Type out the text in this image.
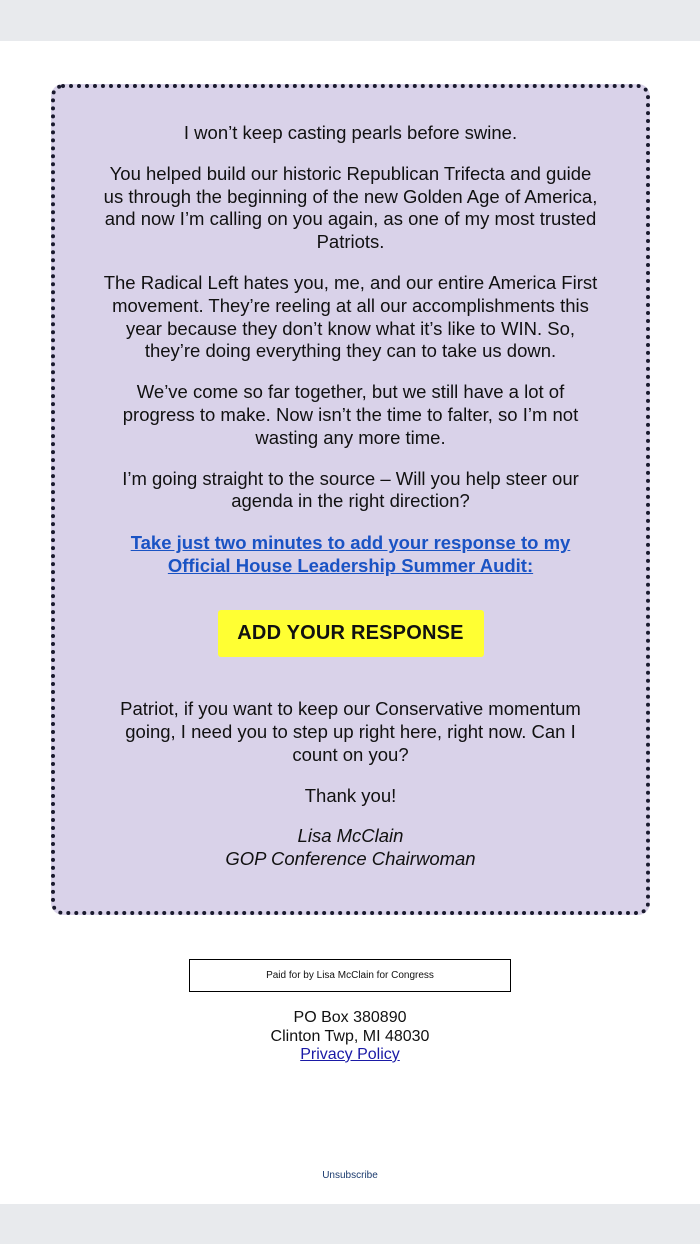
I won’t keep casting pearls before swine.

You helped build our historic Republican Trifecta and guide us through the beginning of the new Golden Age of America, and now I’m calling on you again, as one of my most trusted Patriots.

The Radical Left hates you, me, and our entire America First movement. They’re reeling at all our accomplishments this year because they don’t know what it’s like to WIN. So, they’re doing everything they can to take us down.

We’ve come so far together, but we still have a lot of progress to make. Now isn’t the time to falter, so I’m not wasting any more time.

I’m going straight to the source – Will you help steer our agenda in the right direction?

Take just two minutes to add your response to my Official House Leadership Summer Audit:
ADD YOUR RESPONSE

Patriot, if you want to keep our Conservative momentum going, I need you to step up right here, right now. Can I count on you?

Thank you!

Lisa McClain
GOP Conference Chairwoman
Paid for by Lisa McClain for Congress
PO Box 380890
Clinton Twp, MI 48030
Privacy Policy
Unsubscribe
